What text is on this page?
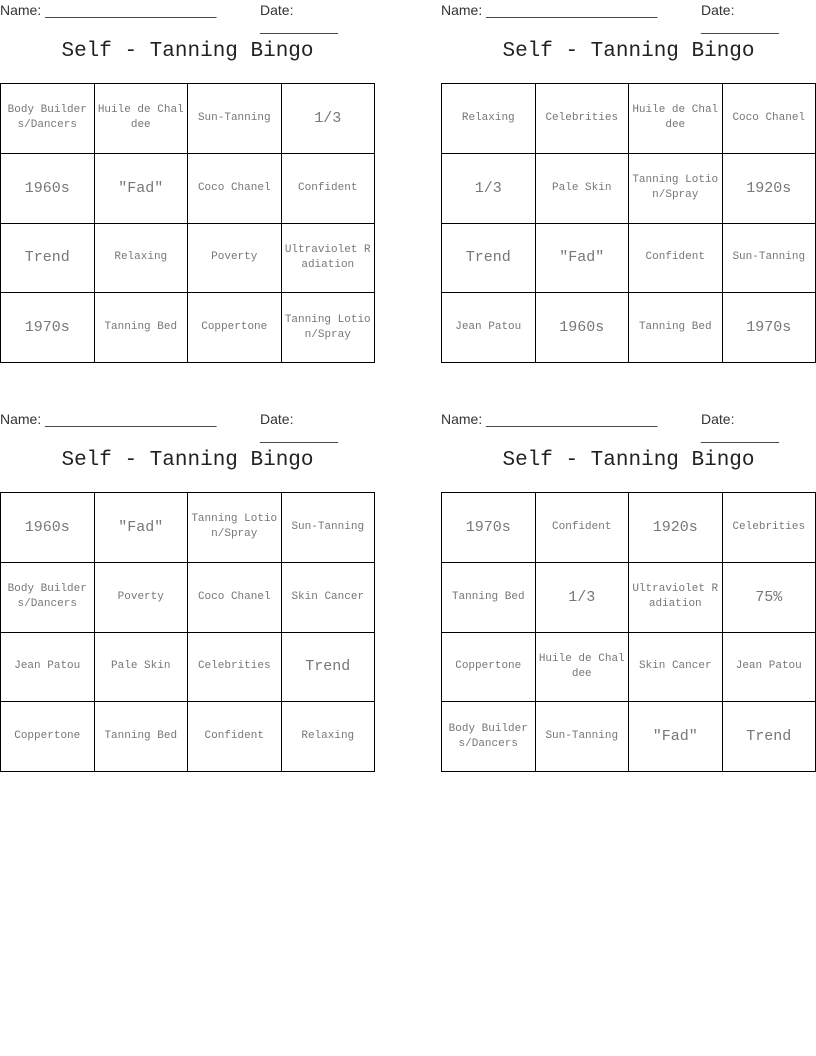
Name: ______________________	Date: __________
Self - Tanning Bingo
Body Builders/Dancers	Huile de Chaldee	Sun-Tanning	1/3
1960s	"Fad"	Coco Chanel	Confident
Trend	Relaxing	Poverty	Ultraviolet Radiation
1970s	Tanning Bed	Coppertone	Tanning Lotion/Spray
Name: ______________________	Date: __________
Self - Tanning Bingo
Relaxing	Celebrities	Huile de Chaldee	Coco Chanel
1/3	Pale Skin	Tanning Lotion/Spray	1920s
Trend	"Fad"	Confident	Sun-Tanning
Jean Patou	1960s	Tanning Bed	1970s
Name: ______________________	Date: __________
Self - Tanning Bingo
1960s	"Fad"	Tanning Lotion/Spray	Sun-Tanning
Body Builders/Dancers	Poverty	Coco Chanel	Skin Cancer
Jean Patou	Pale Skin	Celebrities	Trend
Coppertone	Tanning Bed	Confident	Relaxing
Name: ______________________	Date: __________
Self - Tanning Bingo
1970s	Confident	1920s	Celebrities
Tanning Bed	1/3	Ultraviolet Radiation	75%
Coppertone	Huile de Chaldee	Skin Cancer	Jean Patou
Body Builders/Dancers	Sun-Tanning	"Fad"	Trend
